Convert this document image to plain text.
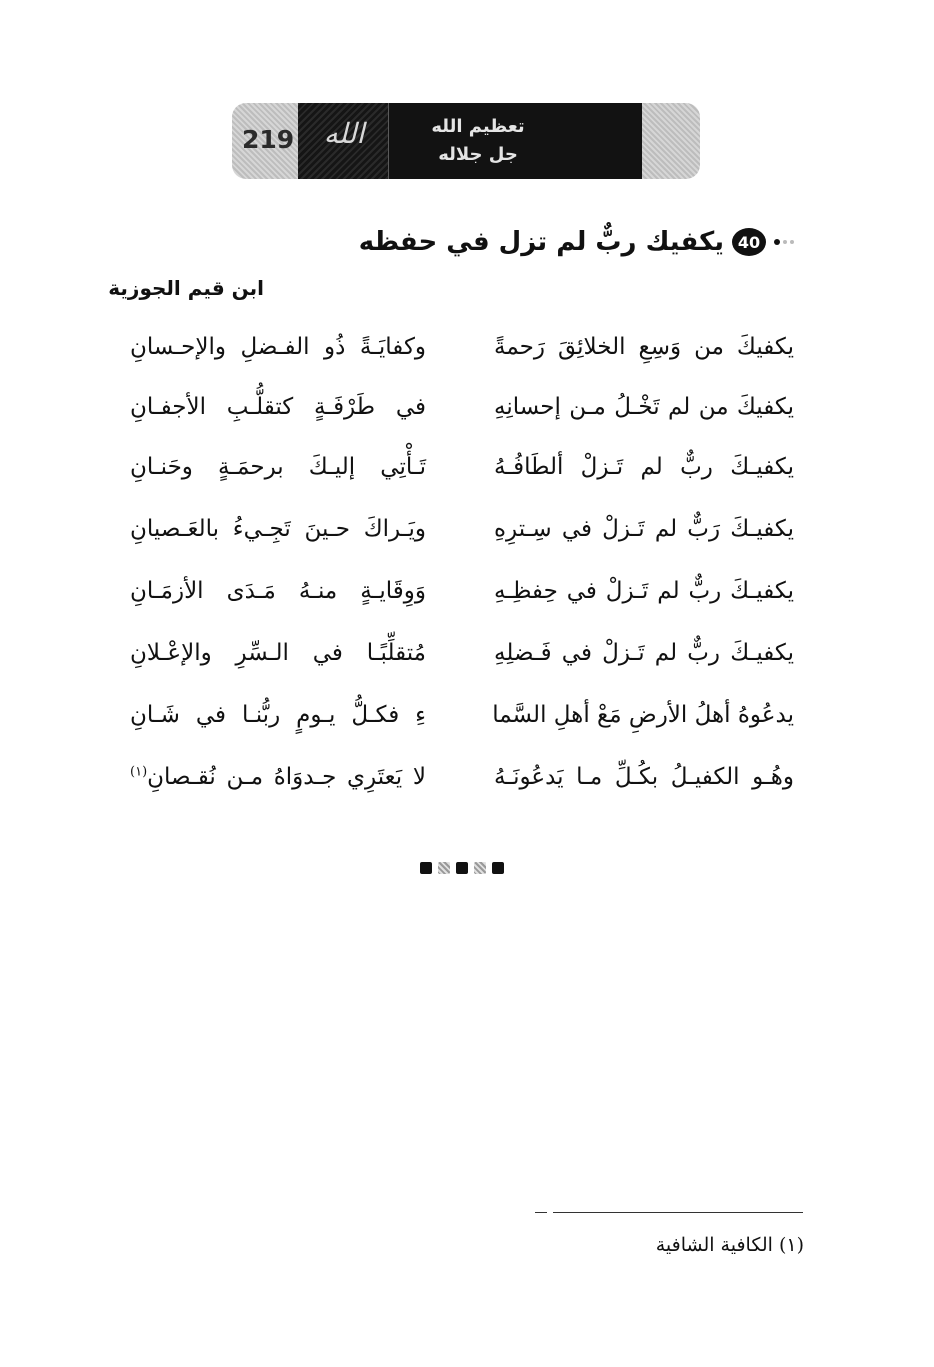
219	الله	تعظيم الله
جل جلاله
40
يكفيك ربٌّ لم تزل في حفظه
ابن قيم الجوزية
يكفيكَ من وَسِعِ الخلائِقَ رَحمةً
وكفايَـةً ذُو الفـضلِ والإحـسانِ
يكفيكَ من لم تَخْـلُ مـن إحسانِهِ
في طَرْفَـةٍ كتقلُّـبِ الأجفـانِ
يكفيـكَ ربٌّ لم تَـزلْ ألطَافُـهُ
تَـأْتِي إليـكَ برحمَـةٍ وحَنـانِ
يكفيـكَ رَبٌّ لم تَـزلْ في سِـترِهِ
ويَـراكَ حـينَ تَجِـيءُ بالعَـصيانِ
يكفيـكَ ربٌّ لم تَـزلْ في حِفظِـهِ
وَوِقَايـةٍ منـهُ مَـدَى الأزمَـانِ
يكفيـكَ ربٌّ لم تَـزلْ في فَـضلِهِ
مُتقلِّبًـا في الـسِّرِ والإعْـلانِ
يدعُوهُ أهلُ الأرضِ مَعْ أهلِ السَّما
ءِ فكـلُّ يـومٍ ربُّنـا في شَـانِ
وهُـو الكفيـلُ بكُـلِّ مـا يَدعُونَـهُ
لا يَعتَرِي جـدوَاهُ مـن نُقـصانِ$^{(١)}$
(١) الكافية الشافية
